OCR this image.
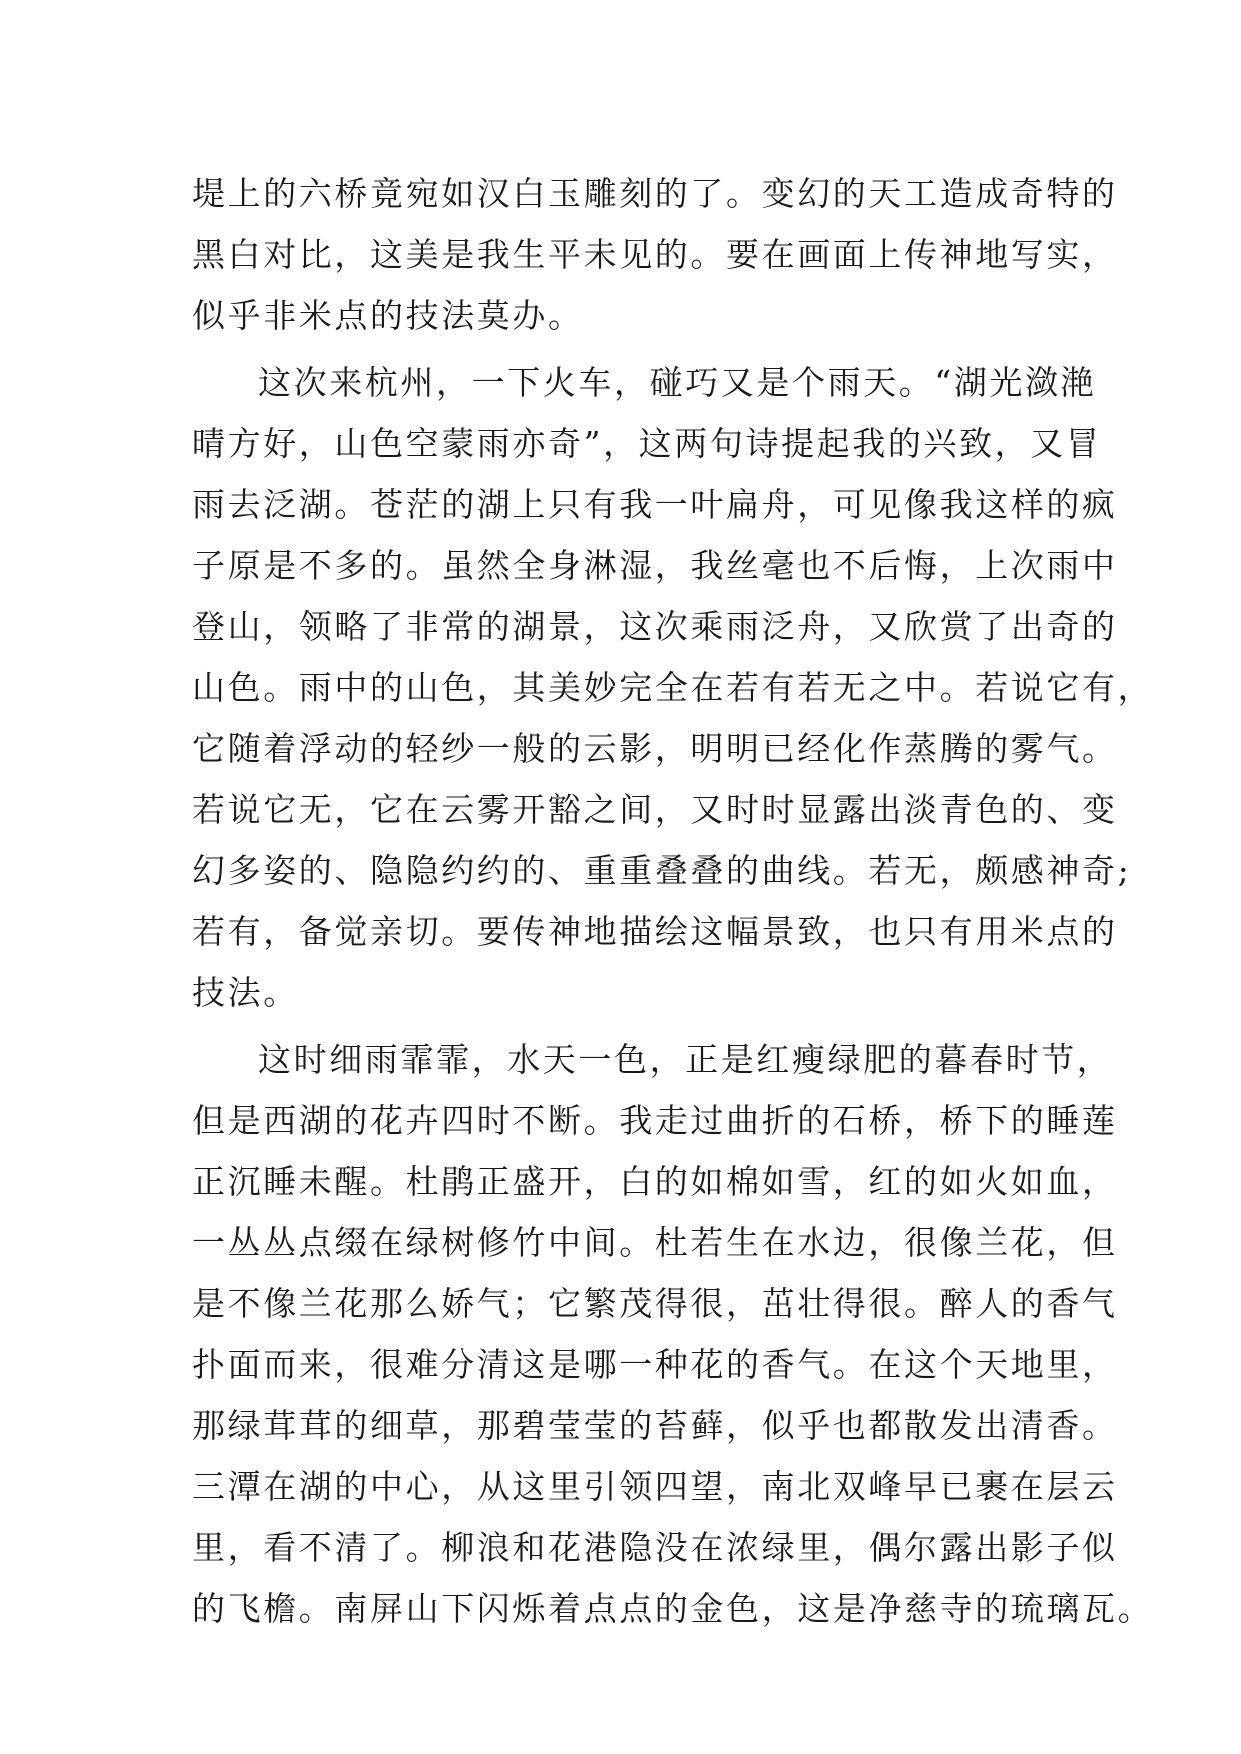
堤上的六桥竟宛如汉白玉雕刻的了。变幻的天工造成奇特的
黑白对比，这美是我生平未见的。要在画面上传神地写实，
似乎非米点的技法莫办。
这次来杭州，一下火车，碰巧又是个雨天。“湖光潋滟
晴方好，山色空蒙雨亦奇”，这两句诗提起我的兴致，又冒
雨去泛湖。苍茫的湖上只有我一叶扁舟，可见像我这样的疯
子原是不多的。虽然全身淋湿，我丝毫也不后悔，上次雨中
登山，领略了非常的湖景，这次乘雨泛舟，又欣赏了出奇的
山色。雨中的山色，其美妙完全在若有若无之中。若说它有，
它随着浮动的轻纱一般的云影，明明已经化作蒸腾的雾气。
若说它无，它在云雾开豁之间，又时时显露出淡青色的、变
幻多姿的、隐隐约约的、重重叠叠的曲线。若无，颇感神奇;
若有，备觉亲切。要传神地描绘这幅景致，也只有用米点的
技法。
这时细雨霏霏，水天一色，正是红瘦绿肥的暮春时节，
但是西湖的花卉四时不断。我走过曲折的石桥，桥下的睡莲
正沉睡未醒。杜鹃正盛开，白的如棉如雪，红的如火如血，
一丛丛点缀在绿树修竹中间。杜若生在水边，很像兰花，但
是不像兰花那么娇气；它繁茂得很，茁壮得很。醉人的香气
扑面而来，很难分清这是哪一种花的香气。在这个天地里，
那绿茸茸的细草，那碧莹莹的苔藓，似乎也都散发出清香。
三潭在湖的中心，从这里引领四望，南北双峰早已裹在层云
里，看不清了。柳浪和花港隐没在浓绿里，偶尔露出影子似
的飞檐。南屏山下闪烁着点点的金色，这是净慈寺的琉璃瓦。
